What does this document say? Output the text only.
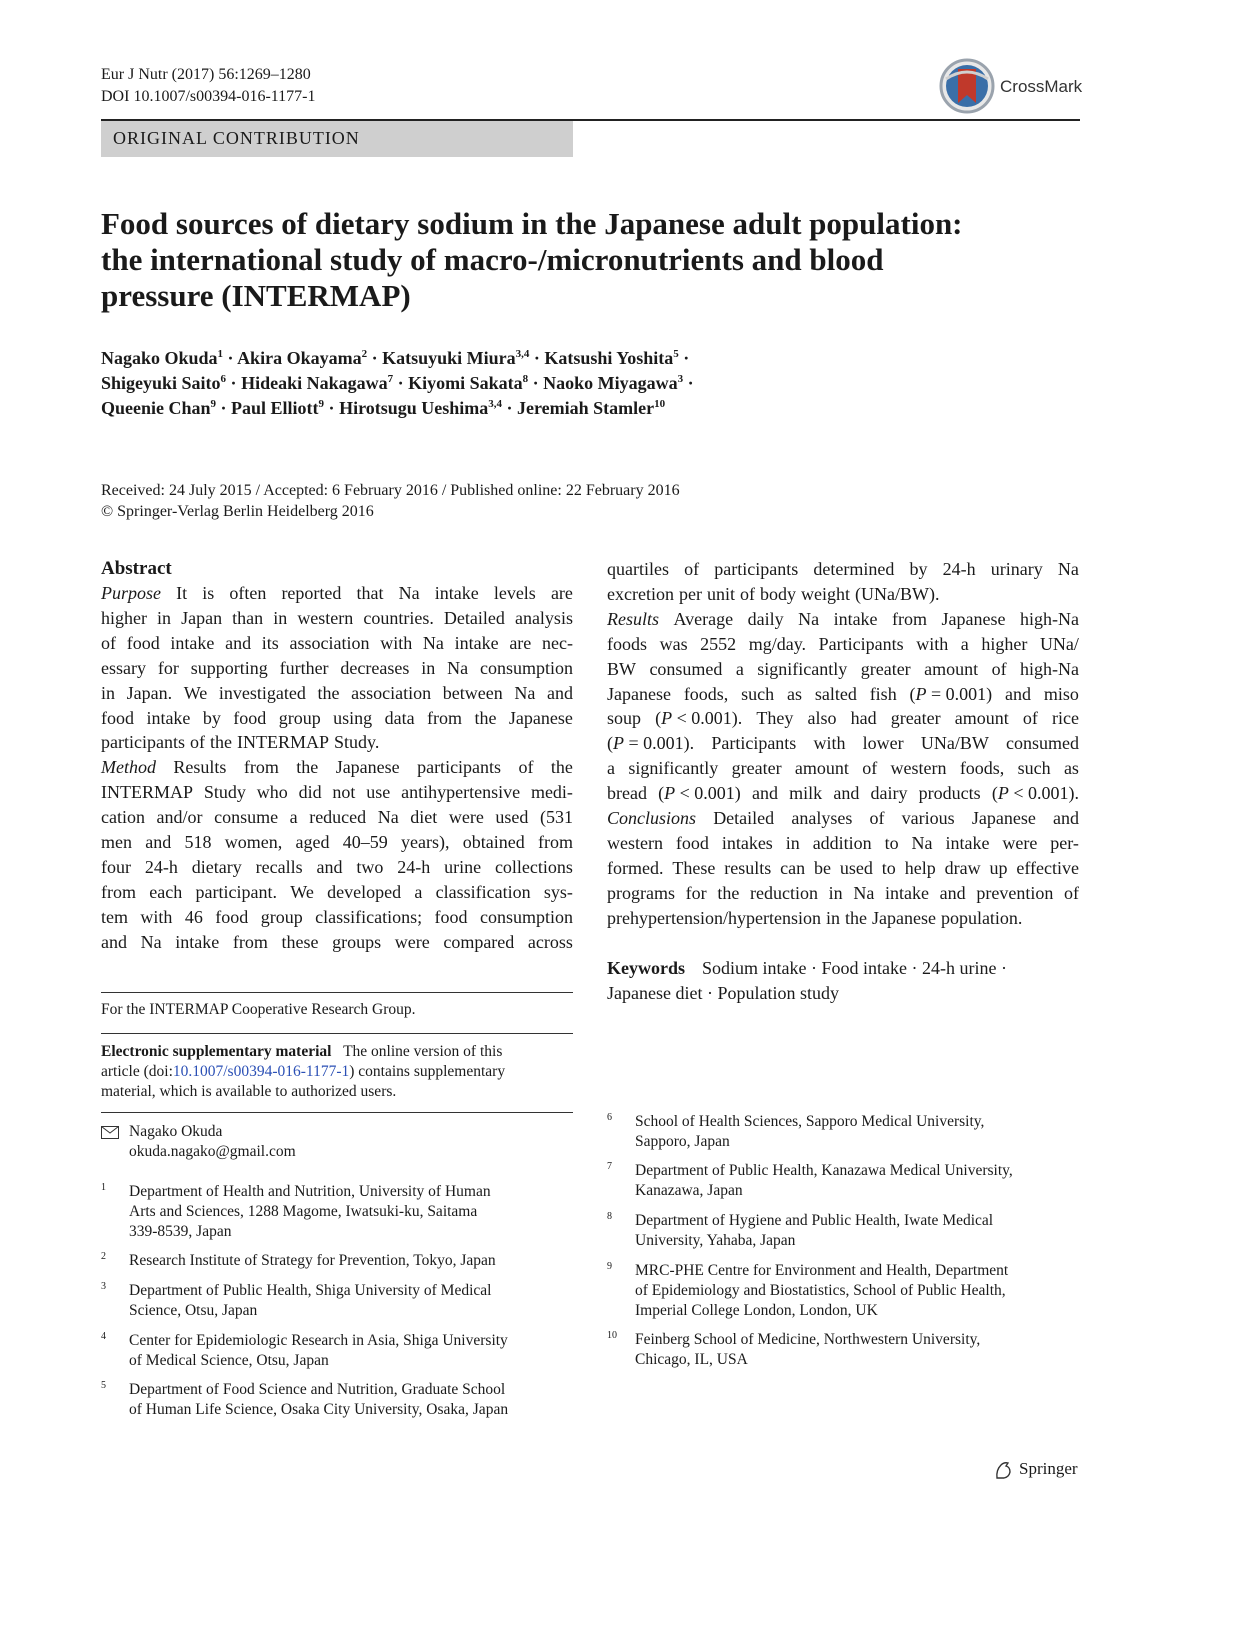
Eur J Nutr (2017) 56:1269–1280
DOI 10.1007/s00394-016-1177-1
CrossMark
ORIGINAL CONTRIBUTION
Food sources of dietary sodium in the Japanese adult population:
the international study of macro-/micronutrients and blood
pressure (INTERMAP)
Nagako Okuda$^1$ · Akira Okayama$^2$ · Katsuyuki Miura$^{3,4}$ · Katsushi Yoshita$^5$ ·
Shigeyuki Saito$^6$ · Hideaki Nakagawa$^7$ · Kiyomi Sakata$^8$ · Naoko Miyagawa$^3$ ·
Queenie Chan$^9$ · Paul Elliott$^9$ · Hirotsugu Ueshima$^{3,4}$ · Jeremiah Stamler$^{10}$
Received: 24 July 2015 / Accepted: 6 February 2016 / Published online: 22 February 2016
© Springer-Verlag Berlin Heidelberg 2016
Abstract
Purpose It is often reported that Na intake levels are
higher in Japan than in western countries. Detailed analysis
of food intake and its association with Na intake are nec-
essary for supporting further decreases in Na consumption
in Japan. We investigated the association between Na and
food intake by food group using data from the Japanese
participants of the INTERMAP Study.
Method Results from the Japanese participants of the
INTERMAP Study who did not use antihypertensive medi-
cation and/or consume a reduced Na diet were used (531
men and 518 women, aged 40–59 years), obtained from
four 24-h dietary recalls and two 24-h urine collections
from each participant. We developed a classification sys-
tem with 46 food group classifications; food consumption
and Na intake from these groups were compared across
quartiles of participants determined by 24-h urinary Na
excretion per unit of body weight (UNa/BW).
Results Average daily Na intake from Japanese high-Na
foods was 2552 mg/day. Participants with a higher UNa/
BW consumed a significantly greater amount of high-Na
Japanese foods, such as salted fish (P = 0.001) and miso
soup (P < 0.001). They also had greater amount of rice
(P = 0.001). Participants with lower UNa/BW consumed
a significantly greater amount of western foods, such as
bread (P < 0.001) and milk and dairy products (P < 0.001).
Conclusions Detailed analyses of various Japanese and
western food intakes in addition to Na intake were per-
formed. These results can be used to help draw up effective
programs for the reduction in Na intake and prevention of
prehypertension/hypertension in the Japanese population.
Keywords Sodium intake · Food intake · 24-h urine ·
Japanese diet · Population study
For the INTERMAP Cooperative Research Group.
Electronic supplementary material The online version of this
article (doi:10.1007/s00394-016-1177-1) contains supplementary
material, which is available to authorized users.
Nagako Okuda
okuda.nagako@gmail.com
1 Department of Health and Nutrition, University of Human
Arts and Sciences, 1288 Magome, Iwatsuki-ku, Saitama
339-8539, Japan
2 Research Institute of Strategy for Prevention, Tokyo, Japan
3 Department of Public Health, Shiga University of Medical
Science, Otsu, Japan
4 Center for Epidemiologic Research in Asia, Shiga University
of Medical Science, Otsu, Japan
5 Department of Food Science and Nutrition, Graduate School
of Human Life Science, Osaka City University, Osaka, Japan
6 School of Health Sciences, Sapporo Medical University,
Sapporo, Japan
7 Department of Public Health, Kanazawa Medical University,
Kanazawa, Japan
8 Department of Hygiene and Public Health, Iwate Medical
University, Yahaba, Japan
9 MRC-PHE Centre for Environment and Health, Department
of Epidemiology and Biostatistics, School of Public Health,
Imperial College London, London, UK
10 Feinberg School of Medicine, Northwestern University,
Chicago, IL, USA
Springer
